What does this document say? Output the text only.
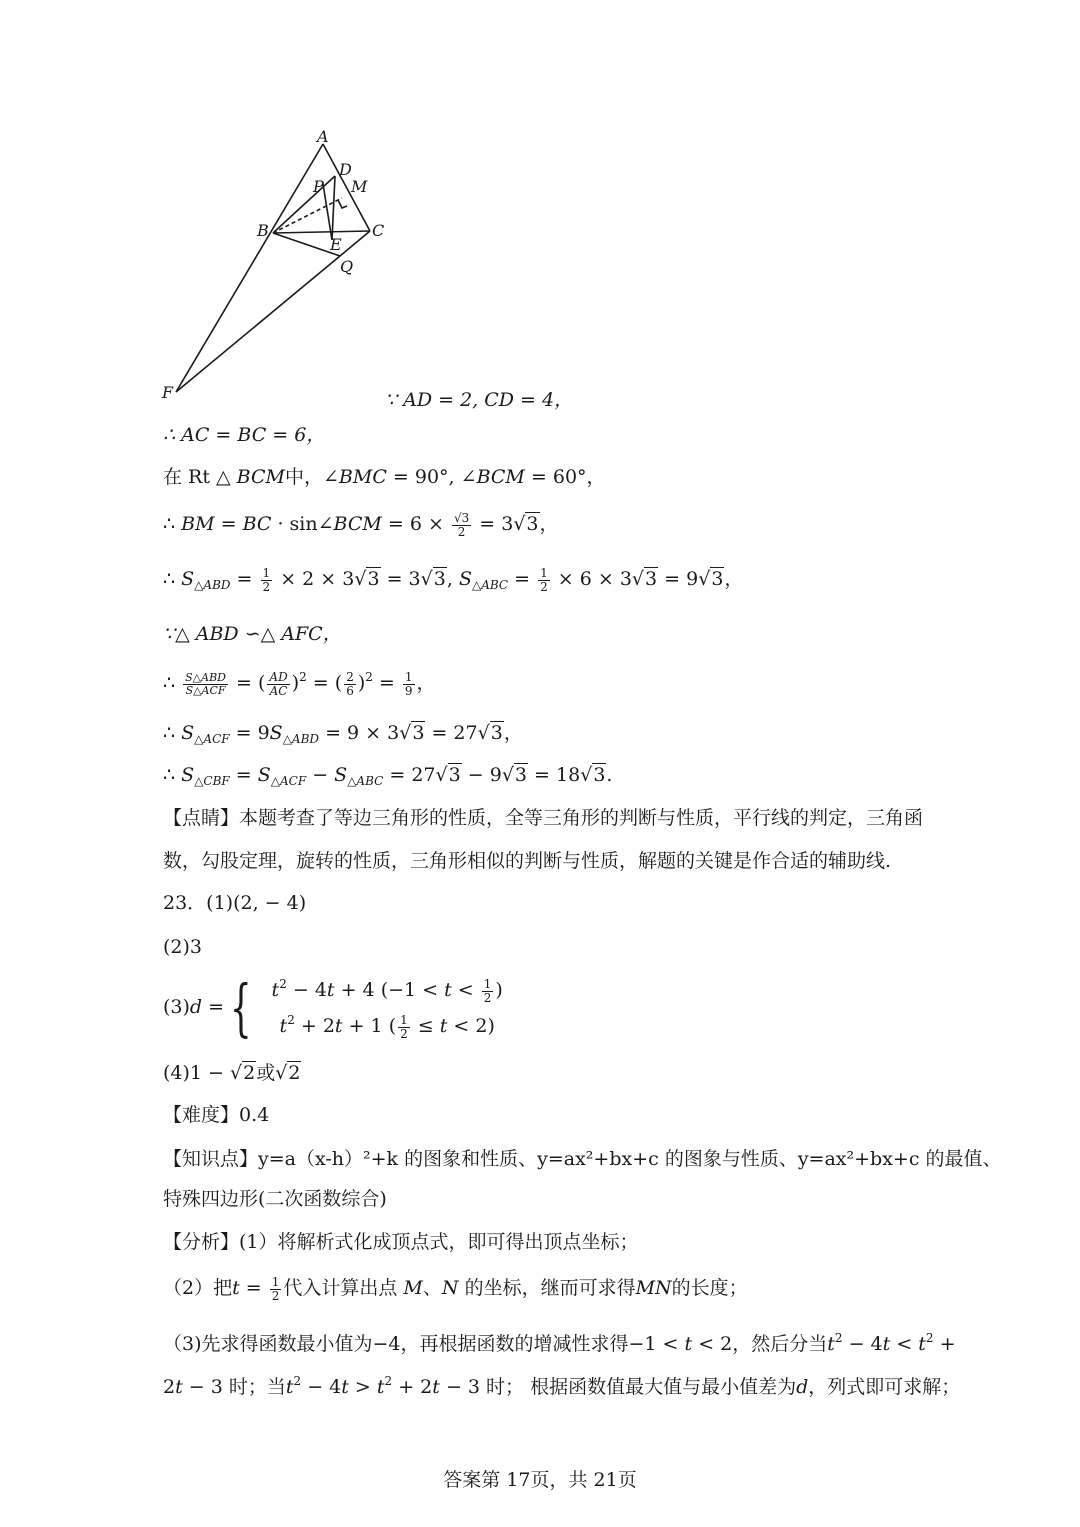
A
D
P M
B	C
E
Q
F	∵ AD = 2, CD = 4，
∴ AC = BC = 6，
在 Rt △ BCM中，∠BMC = 90°, ∠BCM = 60°，
∴ BM = BC · sin∠BCM = $6 \times \frac{√3}{2} = 3√3$，
∴ $S_{\triangle ABD} = \frac{1}{2} \times 2 \times 3√3 = 3√3$, $S_{\triangle ABC} = \frac{1}{2} \times 6 \times 3√3 = 9√3$，
∵△ ABD ∽△ AFC，
∴ $\frac{\text{S△ABD}}{\text{S△ACF}}$ = ( $\frac{AD}{AC} )^2$ = ( $\frac{2}{6} )^2 = \frac{1}{9}$ ，
∴ $S_{\triangle ACF} = 9S_{\triangle ABD} = 9 \times 3√3 = 27√3$，
∴ $S_{\triangle CBF} = S_{\triangle ACF} - S_{\triangle ABC} = 27√3 - 9√3 = 18√3$.
【点睛】本题考查了等边三角形的性质，全等三角形的判断与性质，平行线的判定，三角函
数，勾股定理，旋转的性质，三角形相似的判断与性质，解题的关键是作合适的辅助线.
23．(1)(2, − 4)
(2)3
(3)d = { $t^2 - 4t + 4$ ($-1 < t < \frac{1}{2}$ )
$t^2 + 2t + 1$ ( $\frac{1}{2} \le t < 2$)
(4)1 − √2或√2
【难度】0.4
【知识点】y=a（x-h）²+k 的图象和性质、y=ax²+bx+c 的图象与性质、y=ax²+bx+c 的最值、
特殊四边形(二次函数综合)
【分析】(1）将解析式化成顶点式，即可得出顶点坐标；
（2）把$t = \frac{1}{2}$ 代入计算出点 M、N 的坐标，继而可求得MN的长度；
（3)先求得函数最小值为−4，再根据函数的增减性求得−1 < t < 2，然后分当$t^2 - 4t < t^2$ +
2t − 3 时；当$t^2 - 4t > t^2 + 2t - 3$ 时； 根据函数值最大值与最小值差为d，列式即可求解；
答案第 17页，共 21页
